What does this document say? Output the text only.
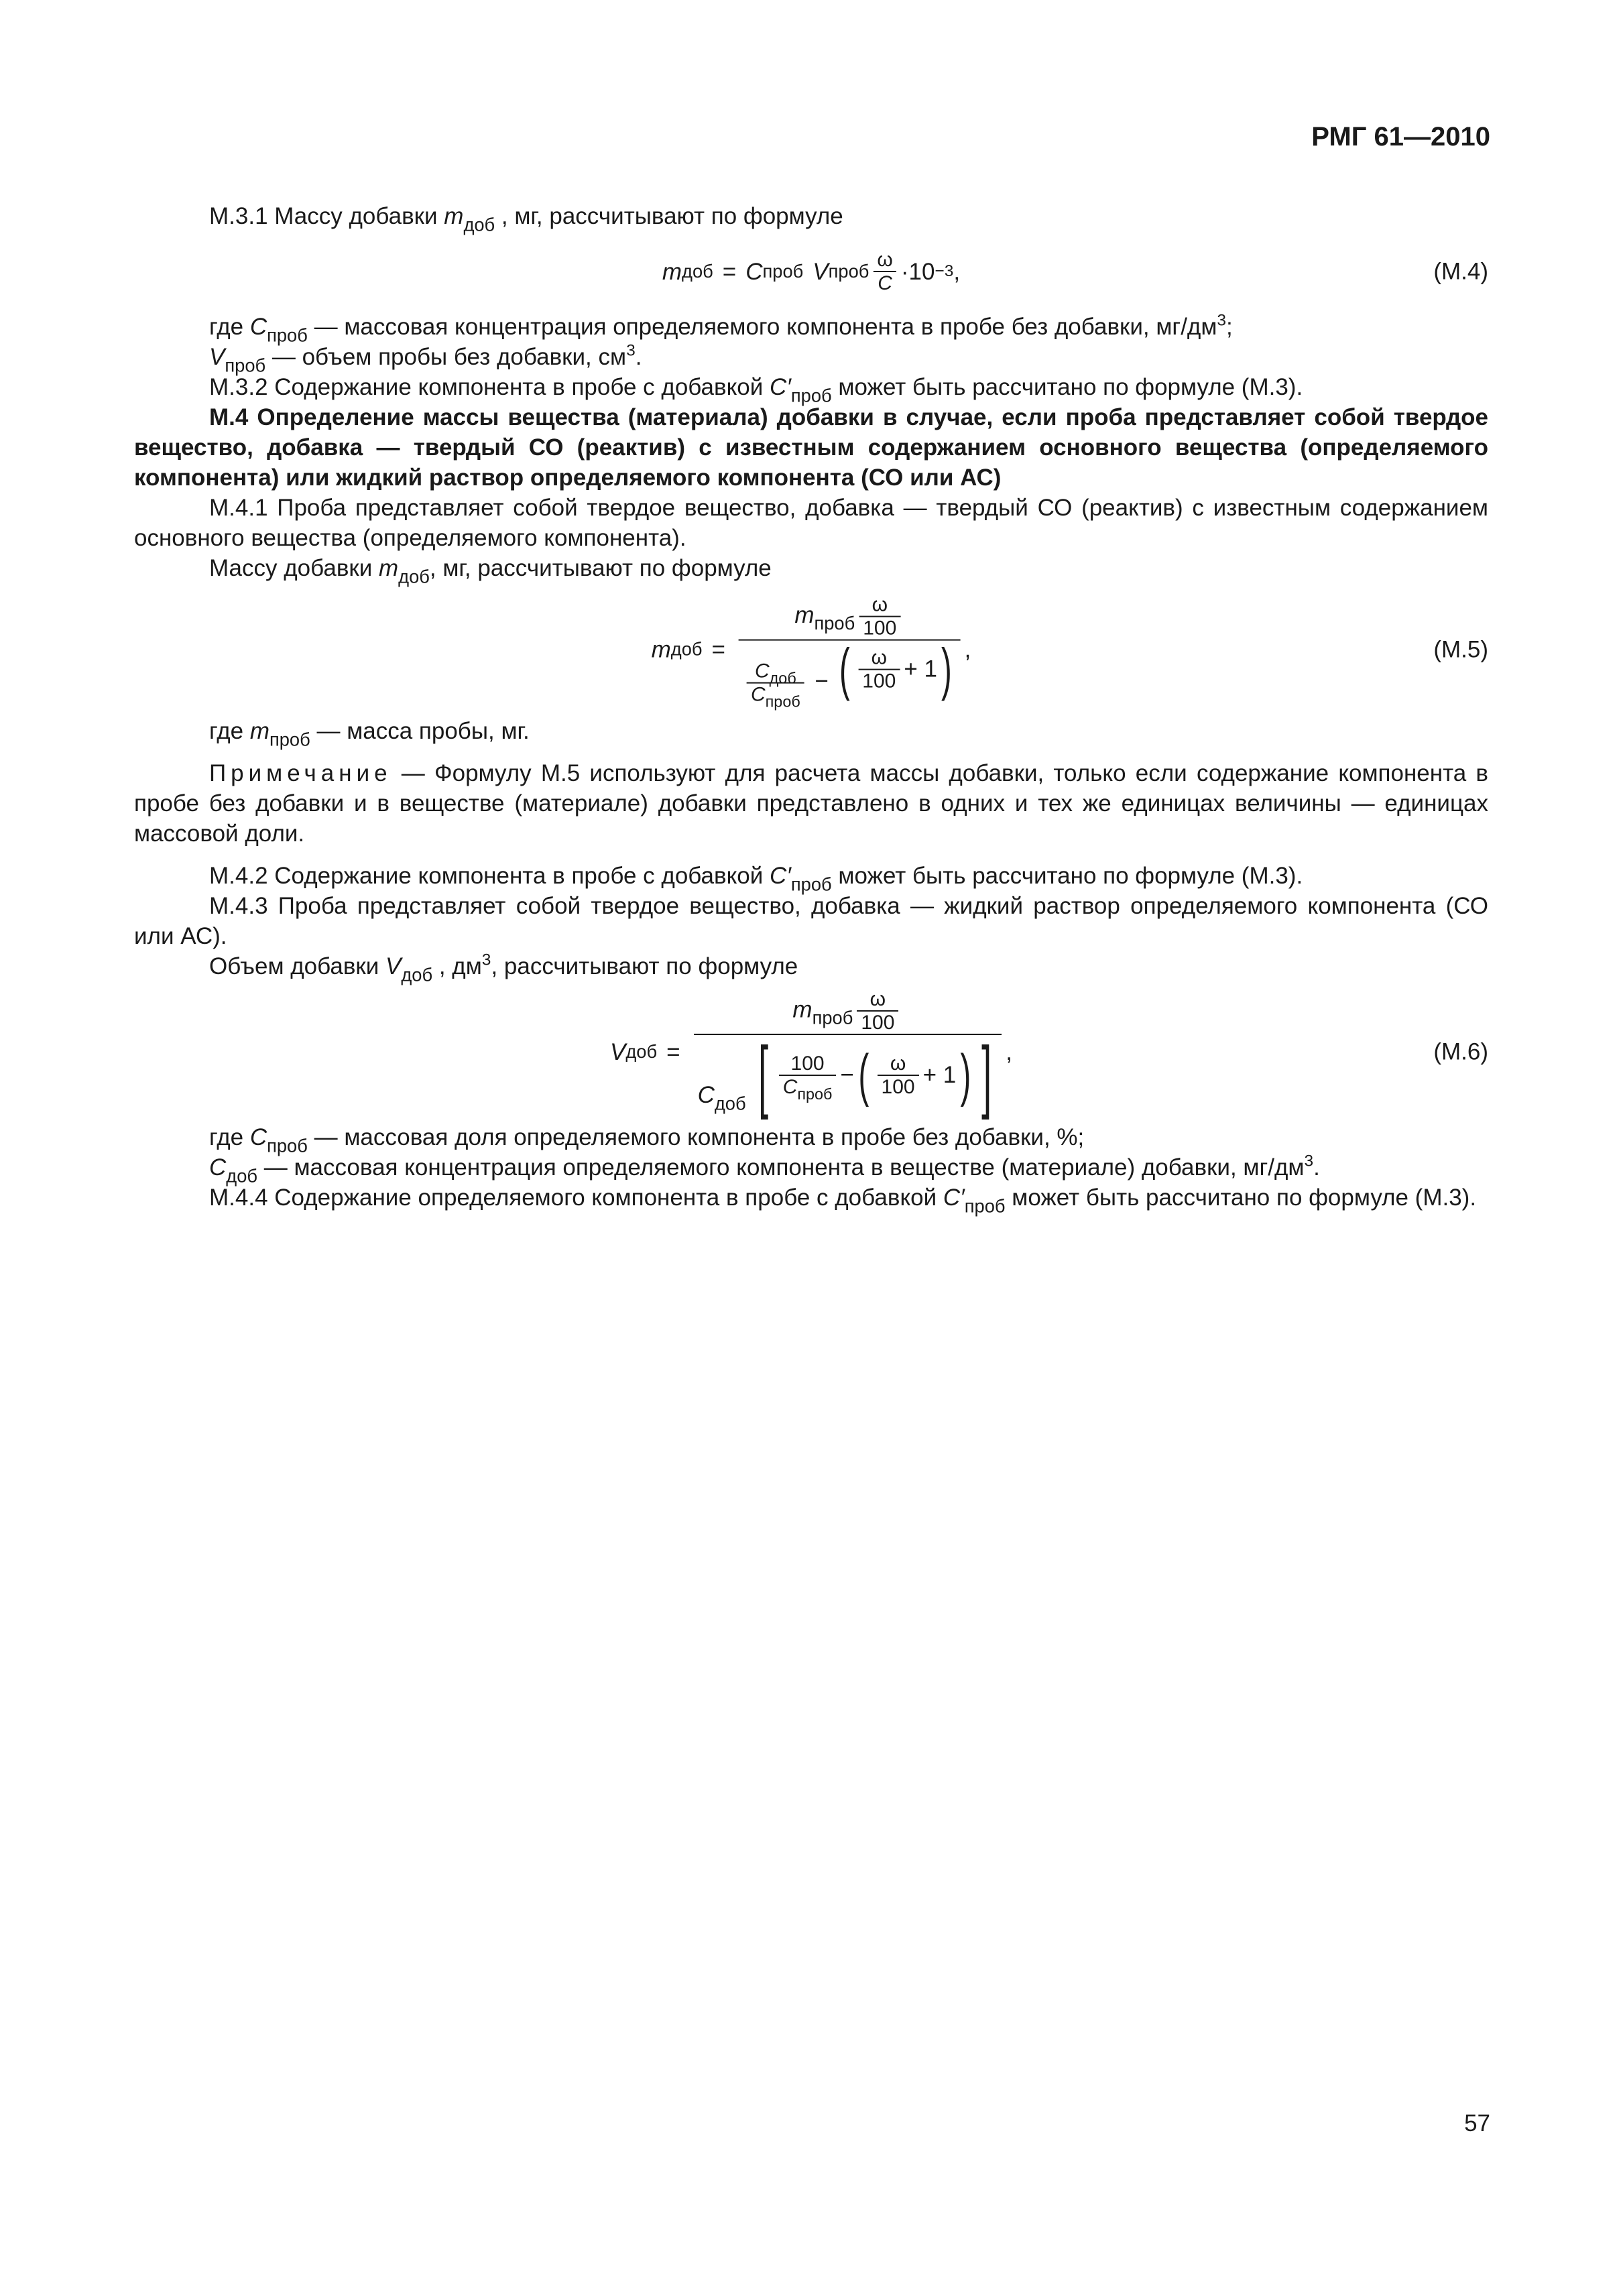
РМГ 61—2010

М.3.1 Массу добавки $m_{доб}$ , мг, рассчитывают по формуле

m доб = C проб V проб
ω
C ·10 −3 ,	(М.4)

где $C_{проб}$ — массовая концентрация определяемого компонента в пробе без добавки, $мг/дм^3$;

$V_{проб}$ — объем пробы без добавки, $см^3$.

М.3.2 Содержание компонента в пробе с добавкой $C'_{проб}$ может быть рассчитано по формуле (М.3).

М.4 Определение массы вещества (материала) добавки в случае, если проба представляет собой твердое вещество, добавка — твердый СО (реактив) с известным содержанием основного вещества (определяемого компонента) или жидкий раствор определяемого компонента (СО или АС)

М.4.1 Проба представляет собой твердое вещество, добавка — твердый СО (реактив) с известным содержанием основного вещества (определяемого компонента).

Массу добавки $m_{доб}$, мг, рассчитывают по формуле

m доб =
$m_{проб} \frac{\omega}{100}$
$C_{доб}$
$C_{проб}$
− ( ω
100 +
1 ) ,	(М.5)

где $m_{проб}$ — масса пробы, мг.

Примечание — Формулу М.5 используют для расчета массы добавки, только если содержание компонента в пробе без добавки и в веществе (материале) добавки представлено в одних и тех же единицах величины — единицах массовой доли.

М.4.2 Содержание компонента в пробе с добавкой $C'_{проб}$ может быть рассчитано по формуле (М.3).

М.4.3 Проба представляет собой твердое вещество, добавка — жидкий раствор определяемого компонента (СО или АС).

Объем добавки $V_{доб}$ , $дм^3$, рассчитывают по формуле

V доб =
$m_{проб} \frac{\omega}{100}$
$C_{доб}$ [ 100
$C_{проб}$
− ( ω
100 +
1 ) ] ,	(М.6)

где $C_{проб}$ — массовая доля определяемого компонента в пробе без добавки, %;

$C_{доб}$ — массовая концентрация определяемого компонента в веществе (материале) добавки, $мг/дм^3$.

М.4.4 Содержание определяемого компонента в пробе с добавкой $C'_{проб}$ может быть рассчитано по формуле (М.3).

57
